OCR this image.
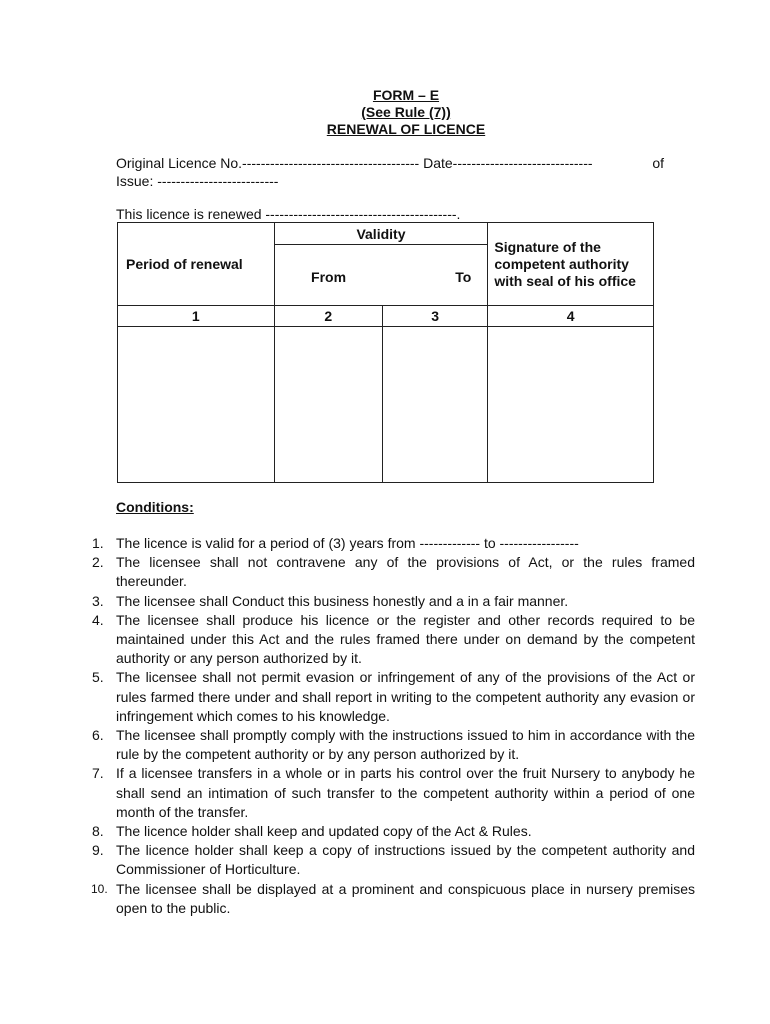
FORM – E
(See Rule (7))
RENEWAL OF LICENCE
Original Licence No.-------------------------------------- Date------------------------------	of
Issue: --------------------------
This licence is renewed -----------------------------------------.
Period of renewal	Validity		Signature of the competent authority with seal of his office
	From	To	
1	2	3	4

Conditions:
1. The licence is valid for a period of (3) years from ------------- to -----------------
2. The licensee shall not contravene any of the provisions of Act, or the rules framed thereunder.
3. The licensee shall Conduct this business honestly and a in a fair manner.
4. The licensee shall produce his licence or the register and other records required to be maintained under this Act and the rules framed there under on demand by the competent authority or any person authorized by it.
5. The licensee shall not permit evasion or infringement of any of the provisions of the Act or rules farmed there under and shall report in writing to the competent authority any evasion or infringement which comes to his knowledge.
6. The licensee shall promptly comply with the instructions issued to him in accordance with the rule by the competent authority or by any person authorized by it.
7. If a licensee transfers in a whole or in parts his control over the fruit Nursery to anybody he shall send an intimation of such transfer to the competent authority within a period of one month of the transfer.
8. The licence holder shall keep and updated copy of the Act & Rules.
9. The licence holder shall keep a copy of instructions issued by the competent authority and Commissioner of Horticulture.
10. The licensee shall be displayed at a prominent and conspicuous place in nursery premises open to the public.
